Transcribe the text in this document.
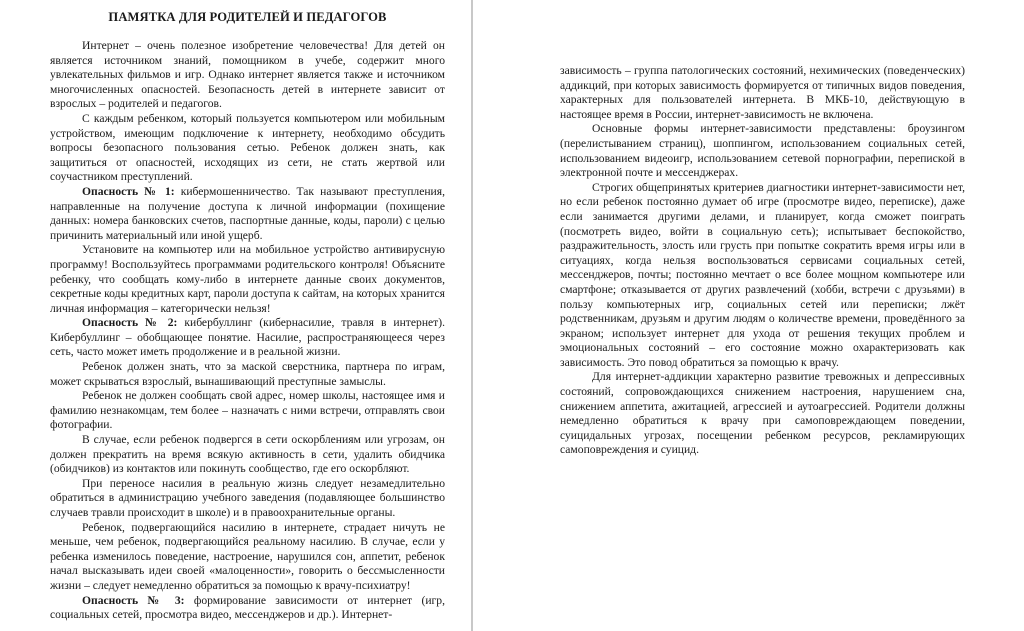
ПАМЯТКА ДЛЯ РОДИТЕЛЕЙ И ПЕДАГОГОВ

Интернет – очень полезное изобретение человечества! Для детей он является источником знаний, помощником в учебе, содержит много увлекательных фильмов и игр. Однако интернет является также и источником многочисленных опасностей. Безопасность детей в интернете зависит от взрослых – родителей и педагогов.

С каждым ребенком, который пользуется компьютером или мобильным устройством, имеющим подключение к интернету, необходимо обсудить вопросы безопасного пользования сетью. Ребенок должен знать, как защититься от опасностей, исходящих из сети, не стать жертвой или соучастником преступлений.

Опасность № 1: кибермошенничество. Так называют преступления, направленные на получение доступа к личной информации (похищение данных: номера банковских счетов, паспортные данные, коды, пароли) с целью причинить материальный или иной ущерб.

Установите на компьютер или на мобильное устройство антивирусную программу! Воспользуйтесь программами родительского контроля! Объясните ребенку, что сообщать кому-либо в интернете данные своих документов, секретные коды кредитных карт, пароли доступа к сайтам, на которых хранится личная информация – категорически нельзя!

Опасность № 2: кибербуллинг (кибернасилие, травля в интернет). Кибербуллинг – обобщающее понятие. Насилие, распространяющееся через сеть, часто может иметь продолжение и в реальной жизни.

Ребенок должен знать, что за маской сверстника, партнера по играм, может скрываться взрослый, вынашивающий преступные замыслы.

Ребенок не должен сообщать свой адрес, номер школы, настоящее имя и фамилию незнакомцам, тем более – назначать с ними встречи, отправлять свои фотографии.

В случае, если ребенок подвергся в сети оскорблениям или угрозам, он должен прекратить на время всякую активность в сети, удалить обидчика (обидчиков) из контактов или покинуть сообщество, где его оскорбляют.

При переносе насилия в реальную жизнь следует незамедлительно обратиться в администрацию учебного заведения (подавляющее большинство случаев травли происходит в школе) и в правоохранительные органы.

Ребенок, подвергающийся насилию в интернете, страдает ничуть не меньше, чем ребенок, подвергающийся реальному насилию. В случае, если у ребенка изменилось поведение, настроение, нарушился сон, аппетит, ребенок начал высказывать идеи своей «малоценности», говорить о бессмысленности жизни – следует немедленно обратиться за помощью к врачу-психиатру!

Опасность № 3: формирование зависимости от интернет (игр, социальных сетей, просмотра видео, мессенджеров и др.). Интернет-

зависимость – группа патологических состояний, нехимических (поведенческих) аддикций, при которых зависимость формируется от типичных видов поведения, характерных для пользователей интернета. В МКБ-10, действующую в настоящее время в России, интернет-зависимость не включена.

Основные формы интернет-зависимости представлены: броузингом (перелистыванием страниц), шоппингом, использованием социальных сетей, использованием видеоигр, использованием сетевой порнографии, перепиской в электронной почте и мессенджерах.

Строгих общепринятых критериев диагностики интернет-зависимости нет, но если ребенок постоянно думает об игре (просмотре видео, переписке), даже если занимается другими делами, и планирует, когда сможет поиграть (посмотреть видео, войти в социальную сеть); испытывает беспокойство, раздражительность, злость или грусть при попытке сократить время игры или в ситуациях, когда нельзя воспользоваться сервисами социальных сетей, мессенджеров, почты; постоянно мечтает о все более мощном компьютере или смартфоне; отказывается от других развлечений (хобби, встречи с друзьями) в пользу компьютерных игр, социальных сетей или переписки; лжёт родственникам, друзьям и другим людям о количестве времени, проведённого за экраном; использует интернет для ухода от решения текущих проблем и эмоциональных состояний – его состояние можно охарактеризовать как зависимость. Это повод обратиться за помощью к врачу.

Для интернет-аддикции характерно развитие тревожных и депрессивных состояний, сопровождающихся снижением настроения, нарушением сна, снижением аппетита, ажитацией, агрессией и аутоагрессией. Родители должны немедленно обратиться к врачу при самоповреждающем поведении, суицидальных угрозах, посещении ребенком ресурсов, рекламирующих самоповреждения и суицид.
